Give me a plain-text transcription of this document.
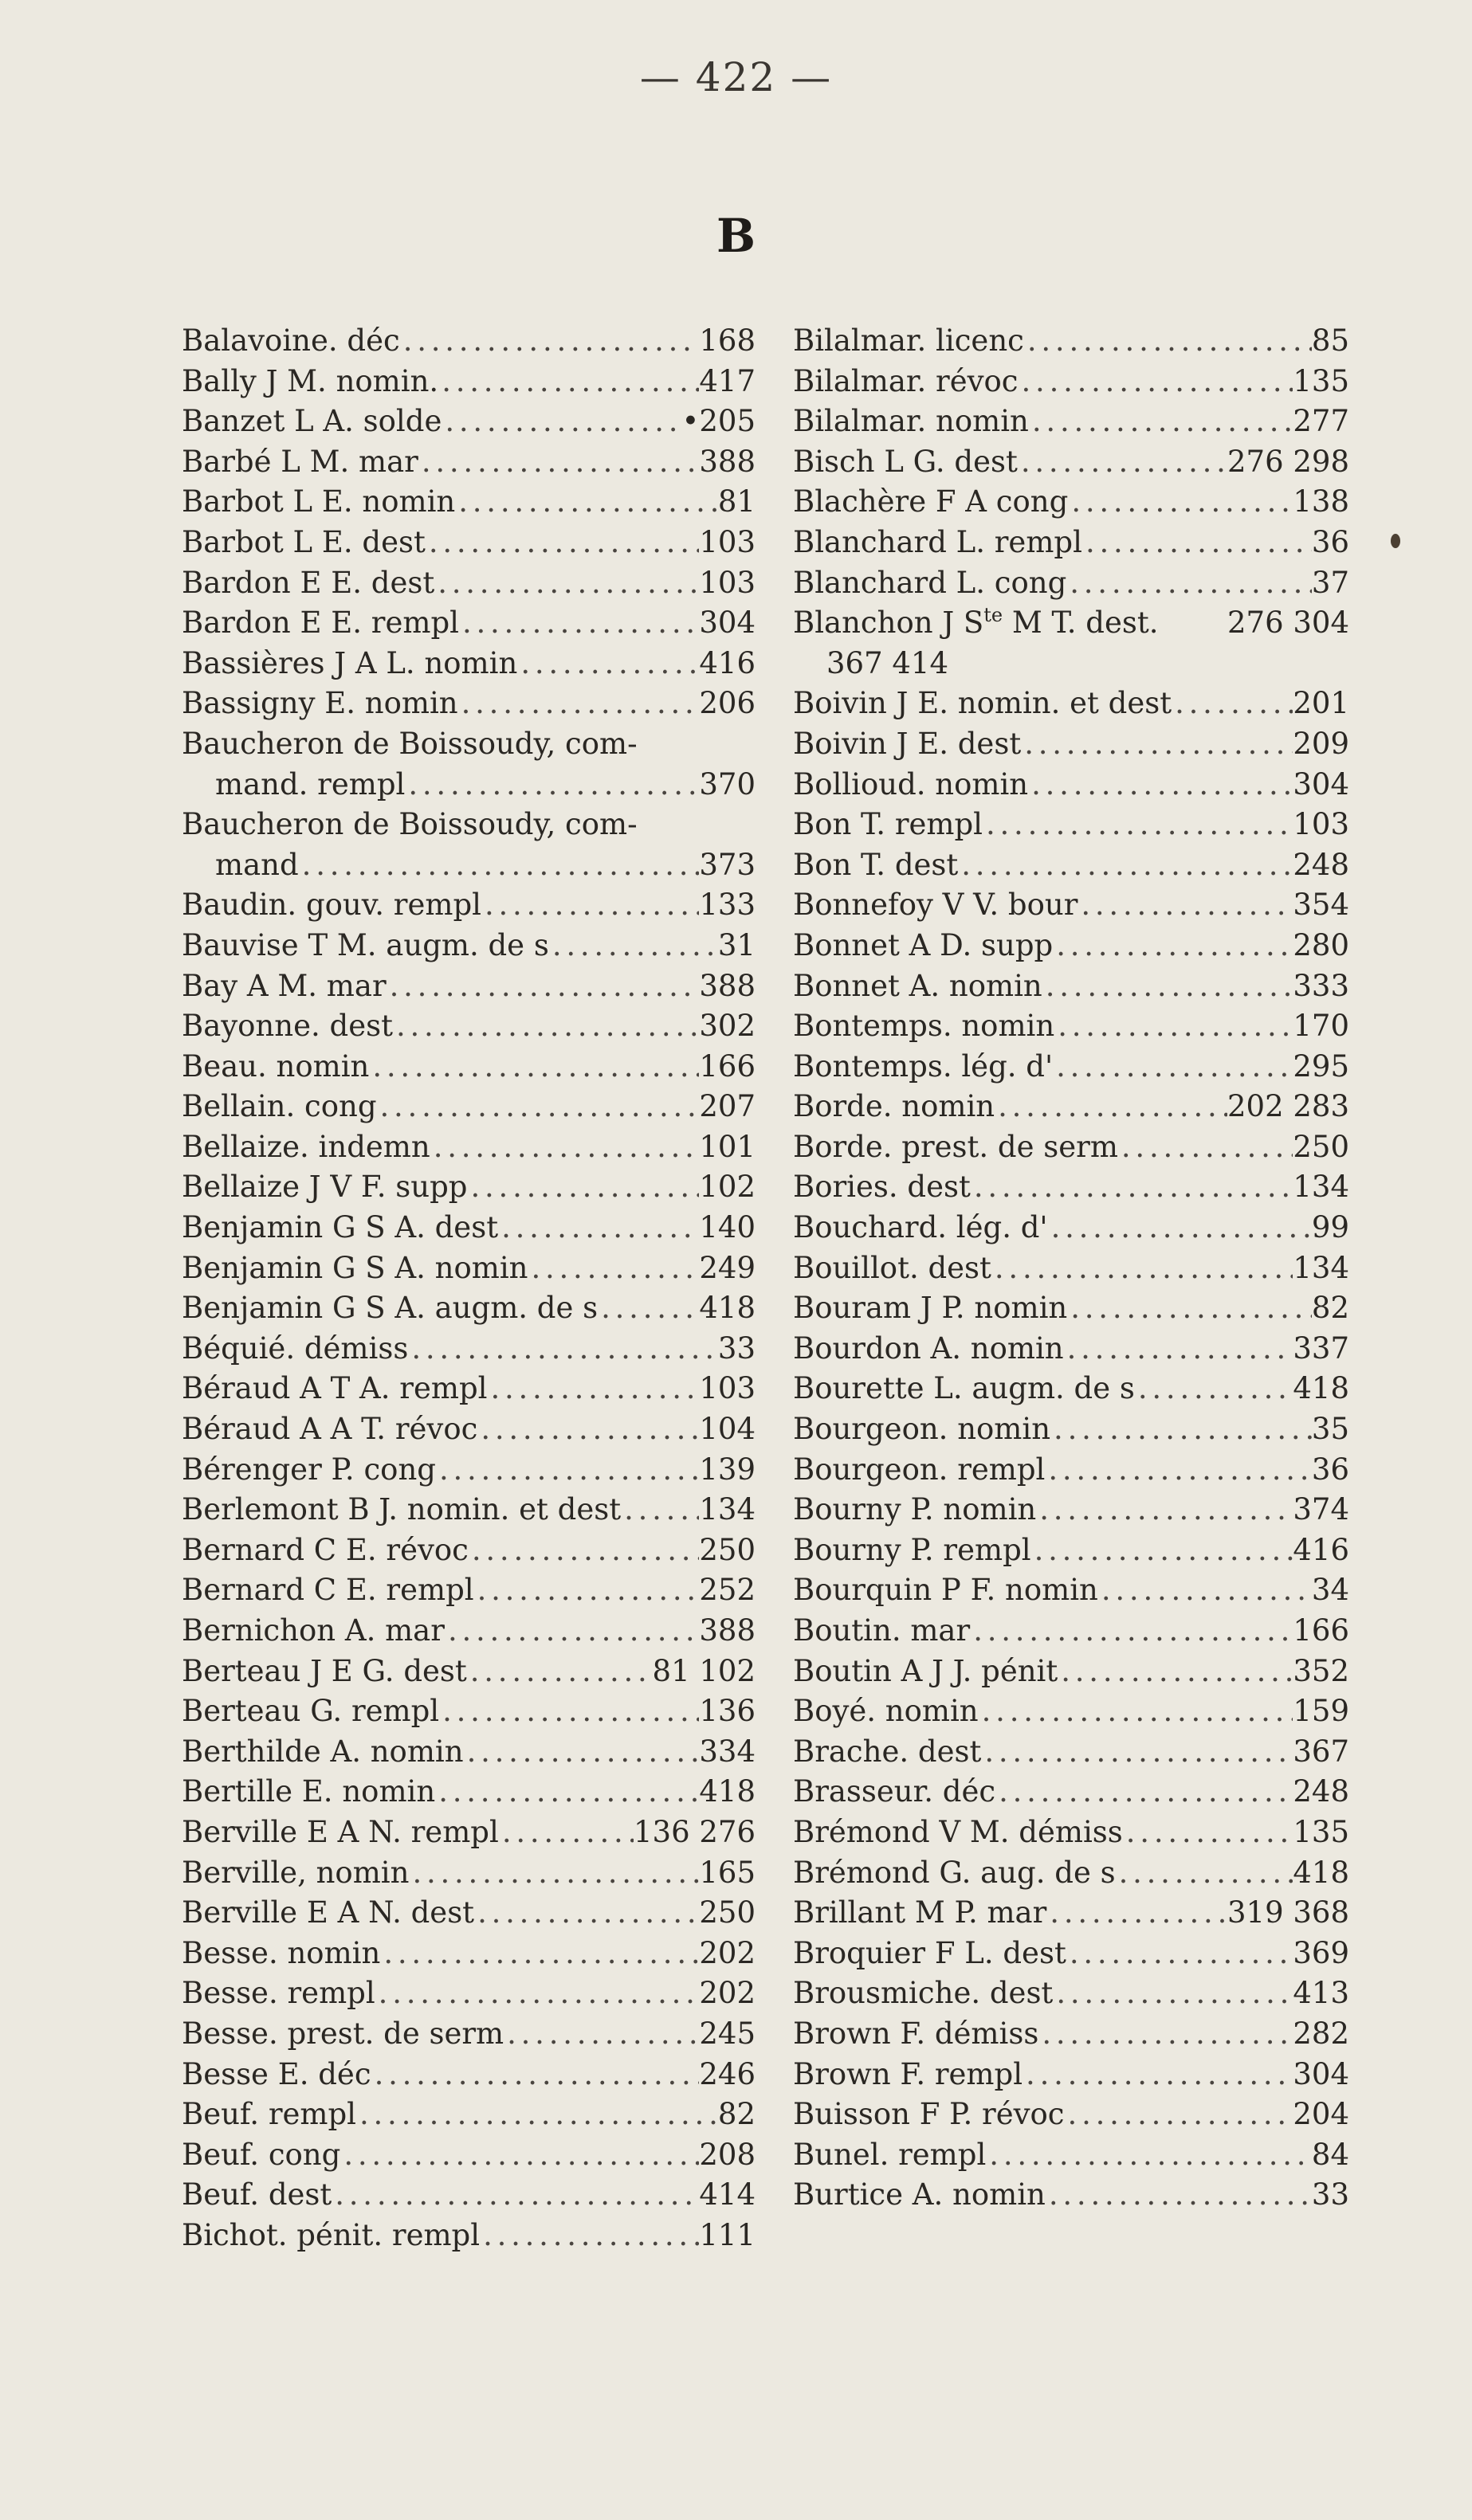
— 422 —
B
Balavoine. déc . . .	168
Bally J M. nomin. . . .	417
Banzet L A. solde . . .	•205
Barbé L M. mar . . .	388
Barbot L E. nomin . . .	81
Barbot L E. dest . . .	103
Bardon E E. dest . . .	103
Bardon E E. rempl . . .	304
Bassières J A L. nomin . . .	416
Bassigny E. nomin . . .	206
Baucheron de Boissoudy, com-
mand. rempl . . .	370
Baucheron de Boissoudy, com-
mand . . .	373
Baudin. gouv. rempl . . .	133
Bauvise T M. augm. de s . . .	31
Bay A M. mar . . .	388
Bayonne. dest . . .	302
Beau. nomin . . .	166
Bellain. cong . . .	207
Bellaize. indemn . . .	101
Bellaize J V F. supp . . .	102
Benjamin G S A. dest . . .	140
Benjamin G S A. nomin . . .	249
Benjamin G S A. augm. de s . . .	418
Béquié. démiss . . .	33
Béraud A T A. rempl . . .	103
Béraud A A T. révoc . . .	104
Bérenger P. cong . . .	139
Berlemont B J. nomin. et dest . . .	134
Bernard C E. révoc . . .	250
Bernard C E. rempl . . .	252
Bernichon A. mar . . .	388
Berteau J E G. dest . . .	81 102
Berteau G. rempl . . .	136
Berthilde A. nomin . . .	334
Bertille E. nomin . . .	418
Berville E A N. rempl . . .	136 276
Berville, nomin . . .	165
Berville E A N. dest . . .	250
Besse. nomin . . .	202
Besse. rempl . . .	202
Besse. prest. de serm . . .	245
Besse E. déc . . .	246
Beuf. rempl . . .	82
Beuf. cong . . .	208
Beuf. dest . . .	414
Bichot. pénit. rempl . . .	111
Bilalmar. licenc . . .	85
Bilalmar. révoc . . .	135
Bilalmar. nomin . . .	277
Bisch L G. dest . . .	276 298
Blachère F A cong . . .	138
Blanchard L. rempl . . .	36
Blanchard L. cong . . .	37
Blanchon J $S^{te}$ M T. dest. 276 304
367 414
Boivin J E. nomin. et dest . . .	201
Boivin J E. dest . . .	209
Bollioud. nomin . . .	304
Bon T. rempl . . .	103
Bon T. dest . . .	248
Bonnefoy V V. bour . . .	354
Bonnet A D. supp . . .	280
Bonnet A. nomin . . .	333
Bontemps. nomin . . .	170
Bontemps. lég. d' . . .	295
Borde. nomin . . .	202 283
Borde. prest. de serm . . .	250
Bories. dest . . .	134
Bouchard. lég. d' . . .	99
Bouillot. dest . . .	134
Bouram J P. nomin . . .	82
Bourdon A. nomin . . .	337
Bourette L. augm. de s . . .	418
Bourgeon. nomin . . .	35
Bourgeon. rempl . . .	36
Bourny P. nomin . . .	374
Bourny P. rempl . . .	416
Bourquin P F. nomin . . .	34
Boutin. mar . . .	166
Boutin A J J. pénit . . .	352
Boyé. nomin . . .	159
Brache. dest . . .	367
Brasseur. déc . . .	248
Brémond V M. démiss . . .	135
Brémond G. aug. de s . . .	418
Brillant M P. mar . . .	319 368
Broquier F L. dest . . .	369
Brousmiche. dest . . .	413
Brown F. démiss . . .	282
Brown F. rempl . . .	304
Buisson F P. révoc . . .	204
Bunel. rempl . . .	84
Burtice A. nomin . . .	33
